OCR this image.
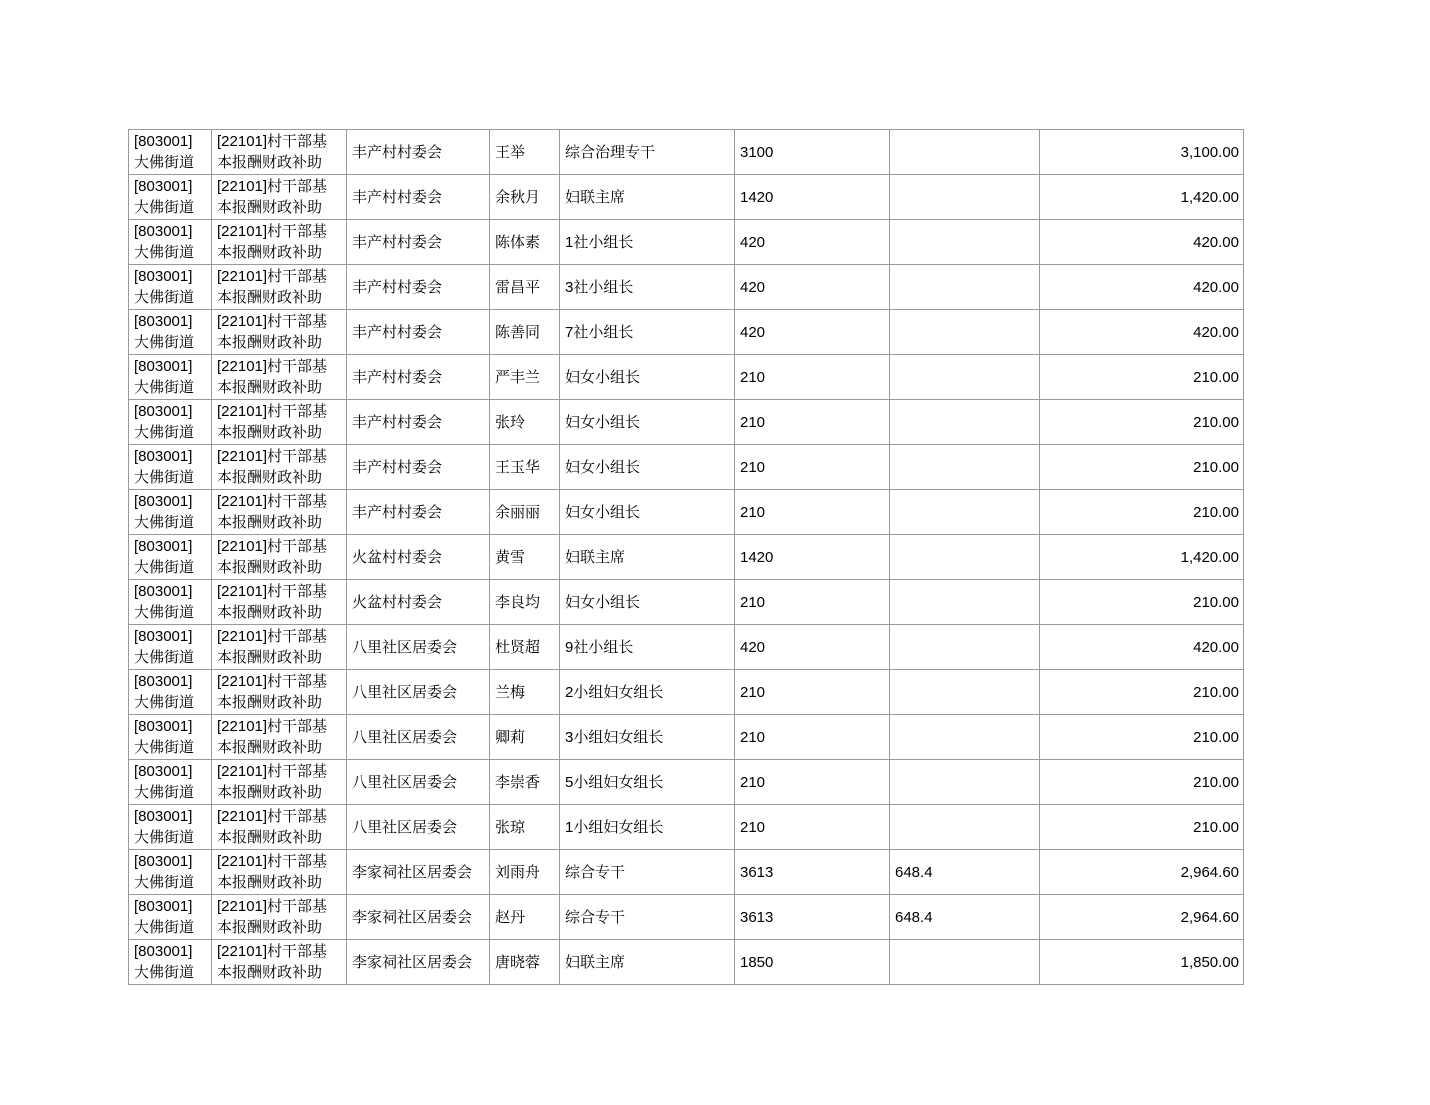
[803001]大佛街道	[22101]村干部基本报酬财政补助	丰产村村委会	王举	综合治理专干	3100		3,100.00
[803001]大佛街道	[22101]村干部基本报酬财政补助	丰产村村委会	余秋月	妇联主席	1420		1,420.00
[803001]大佛街道	[22101]村干部基本报酬财政补助	丰产村村委会	陈体素	1社小组长	420		420.00
[803001]大佛街道	[22101]村干部基本报酬财政补助	丰产村村委会	雷昌平	3社小组长	420		420.00
[803001]大佛街道	[22101]村干部基本报酬财政补助	丰产村村委会	陈善同	7社小组长	420		420.00
[803001]大佛街道	[22101]村干部基本报酬财政补助	丰产村村委会	严丰兰	妇女小组长	210		210.00
[803001]大佛街道	[22101]村干部基本报酬财政补助	丰产村村委会	张玲	妇女小组长	210		210.00
[803001]大佛街道	[22101]村干部基本报酬财政补助	丰产村村委会	王玉华	妇女小组长	210		210.00
[803001]大佛街道	[22101]村干部基本报酬财政补助	丰产村村委会	余丽丽	妇女小组长	210		210.00
[803001]大佛街道	[22101]村干部基本报酬财政补助	火盆村村委会	黄雪	妇联主席	1420		1,420.00
[803001]大佛街道	[22101]村干部基本报酬财政补助	火盆村村委会	李良均	妇女小组长	210		210.00
[803001]大佛街道	[22101]村干部基本报酬财政补助	八里社区居委会	杜贤超	9社小组长	420		420.00
[803001]大佛街道	[22101]村干部基本报酬财政补助	八里社区居委会	兰梅	2小组妇女组长	210		210.00
[803001]大佛街道	[22101]村干部基本报酬财政补助	八里社区居委会	卿莉	3小组妇女组长	210		210.00
[803001]大佛街道	[22101]村干部基本报酬财政补助	八里社区居委会	李崇香	5小组妇女组长	210		210.00
[803001]大佛街道	[22101]村干部基本报酬财政补助	八里社区居委会	张琼	1小组妇女组长	210		210.00
[803001]大佛街道	[22101]村干部基本报酬财政补助	李家祠社区居委会	刘雨舟	综合专干	3613	648.4	2,964.60
[803001]大佛街道	[22101]村干部基本报酬财政补助	李家祠社区居委会	赵丹	综合专干	3613	648.4	2,964.60
[803001]大佛街道	[22101]村干部基本报酬财政补助	李家祠社区居委会	唐晓蓉	妇联主席	1850		1,850.00
